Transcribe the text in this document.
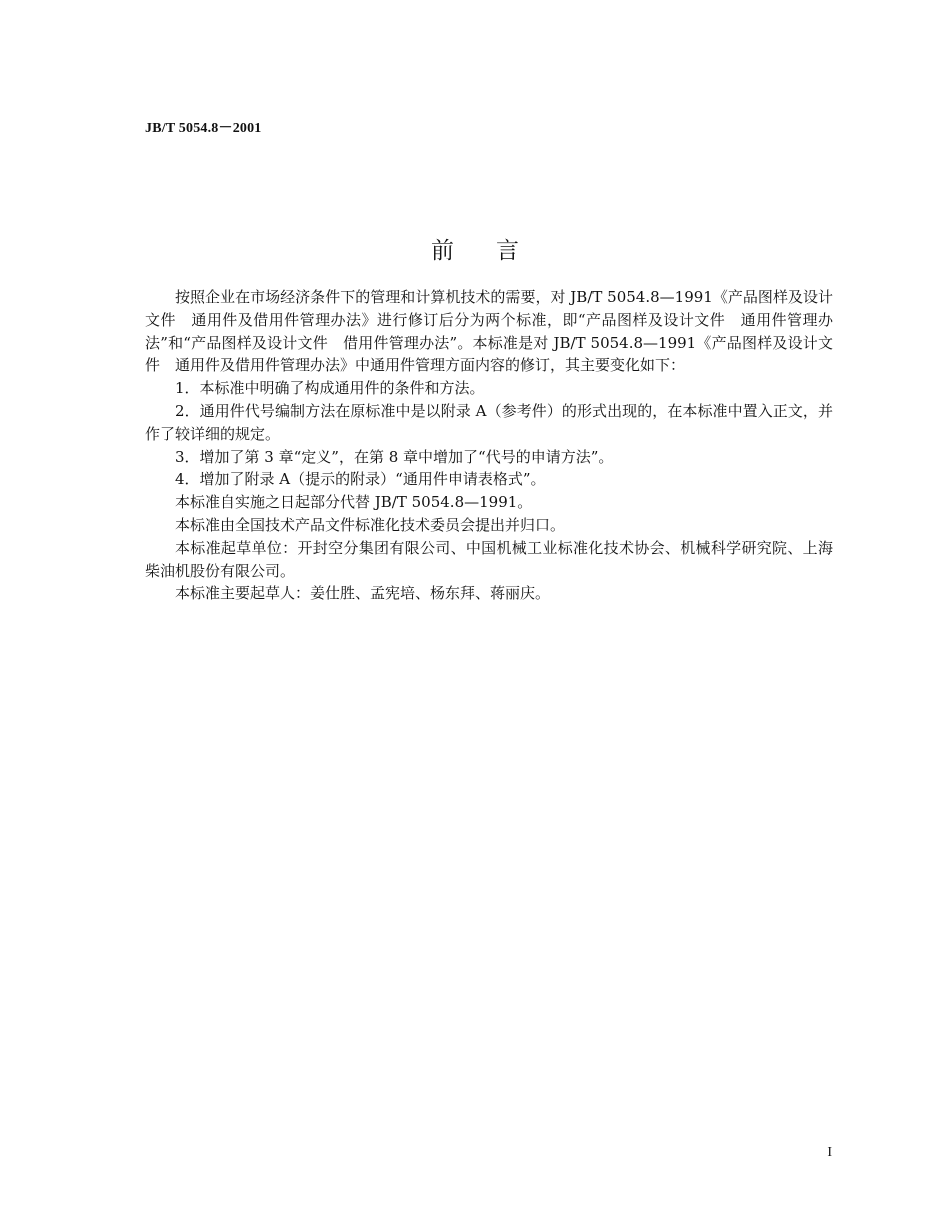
JB/T 5054.8－2001
前言

按照企业在市场经济条件下的管理和计算机技术的需要，对 JB/T 5054.8—1991《产品图样及设计文件　通用件及借用件管理办法》进行修订后分为两个标准，即“产品图样及设计文件　通用件管理办法”和“产品图样及设计文件　借用件管理办法”。本标准是对 JB/T 5054.8—1991《产品图样及设计文件　通用件及借用件管理办法》中通用件管理方面内容的修订，其主要变化如下：

1．本标准中明确了构成通用件的条件和方法。

2．通用件代号编制方法在原标准中是以附录 A（参考件）的形式出现的，在本标准中置入正文，并作了较详细的规定。

3．增加了第 3 章“定义”，在第 8 章中增加了“代号的申请方法”。

4．增加了附录 A（提示的附录）“通用件申请表格式”。

本标准自实施之日起部分代替 JB/T 5054.8—1991。

本标准由全国技术产品文件标准化技术委员会提出并归口。

本标准起草单位：开封空分集团有限公司、中国机械工业标准化技术协会、机械科学研究院、上海柴油机股份有限公司。

本标准主要起草人：姜仕胜、孟宪培、杨东拜、蒋丽庆。

I
